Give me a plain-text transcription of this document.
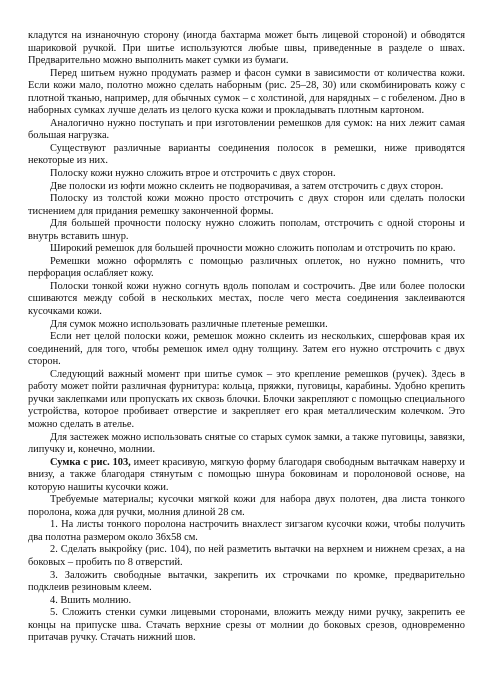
кладутся на изнаночную сторону (иногда бахтарма может быть лицевой стороной) и обводятся шариковой ручкой. При шитье используются любые швы, приведенные в разделе о швах. Предварительно можно выполнить макет сумки из бумаги.

Перед шитьем нужно продумать размер и фасон сумки в зависимости от количества кожи. Если кожи мало, полотно можно сделать наборным (рис. 25–28, 30) или скомбинировать кожу с плотной тканью, например, для обычных сумок – с холстиной, для нарядных – с гобеленом. Дно в наборных сумках лучше делать из целого куска кожи и прокладывать плотным картоном.

Аналогично нужно поступать и при изготовлении ремешков для сумок: на них лежит самая большая нагрузка.

Существуют различные варианты соединения полосок в ремешки, ниже приводятся некоторые из них.

Полоску кожи нужно сложить втрое и отстрочить с двух сторон.

Две полоски из юфти можно склеить не подворачивая, а затем отстрочить с двух сторон.

Полоску из толстой кожи можно просто отстрочить с двух сторон или сделать полоски тиснением для придания ремешку законченной формы.

Для большей прочности полоску нужно сложить пополам, отстрочить с одной стороны и внутрь вставить шнур.

Широкий ремешок для большей прочности можно сложить пополам и отстрочить по краю.

Ремешки можно оформлять с помощью различных оплеток, но нужно помнить, что перфорация ослабляет кожу.

Полоски тонкой кожи нужно согнуть вдоль пополам и сострочить. Две или более полоски сшиваются между собой в нескольких местах, после чего места соединения заклеиваются кусочками кожи.

Для сумок можно использовать различные плетеные ремешки.

Если нет целой полоски кожи, ремешок можно склеить из нескольких, сшерфовав края их соединений, для того, чтобы ремешок имел одну толщину. Затем его нужно отстрочить с двух сторон.

Следующий важный момент при шитье сумок – это крепление ремешков (ручек). Здесь в работу может пойти различная фурнитура: кольца, пряжки, пуговицы, карабины. Удобно крепить ручки заклепками или пропускать их сквозь блочки. Блочки закрепляют с помощью специального устройства, которое пробивает отверстие и закрепляет его края металлическим колечком. Это можно сделать в ателье.

Для застежек можно использовать снятые со старых сумок замки, а также пуговицы, завязки, липучку и, конечно, молнии.

Сумка с рис. 103, имеет красивую, мягкую форму благодаря свободным вытачкам наверху и внизу, а также благодаря стянутым с помощью шнура боковинам и поролоновой основе, на которую нашиты кусочки кожи.

Требуемые материалы; кусочки мягкой кожи для набора двух полотен, два листа тонкого поролона, кожа для ручки, молния длиной 28 см.

1. На листы тонкого поролона настрочить внахлест зигзагом кусочки кожи, чтобы получить два полотна размером около 36х58 см.

2. Сделать выкройку (рис. 104), по ней разметить вытачки на верхнем и нижнем срезах, а на боковых – пробить по 8 отверстий.

3. Заложить свободные вытачки, закрепить их строчками по кромке, предварительно подклеив резиновым клеем.

4. Вшить молнию.

5. Сложить стенки сумки лицевыми сторонами, вложить между ними ручку, закрепить ее концы на припуске шва. Стачать верхние срезы от молнии до боковых срезов, одновременно притачав ручку. Стачать нижний шов.
